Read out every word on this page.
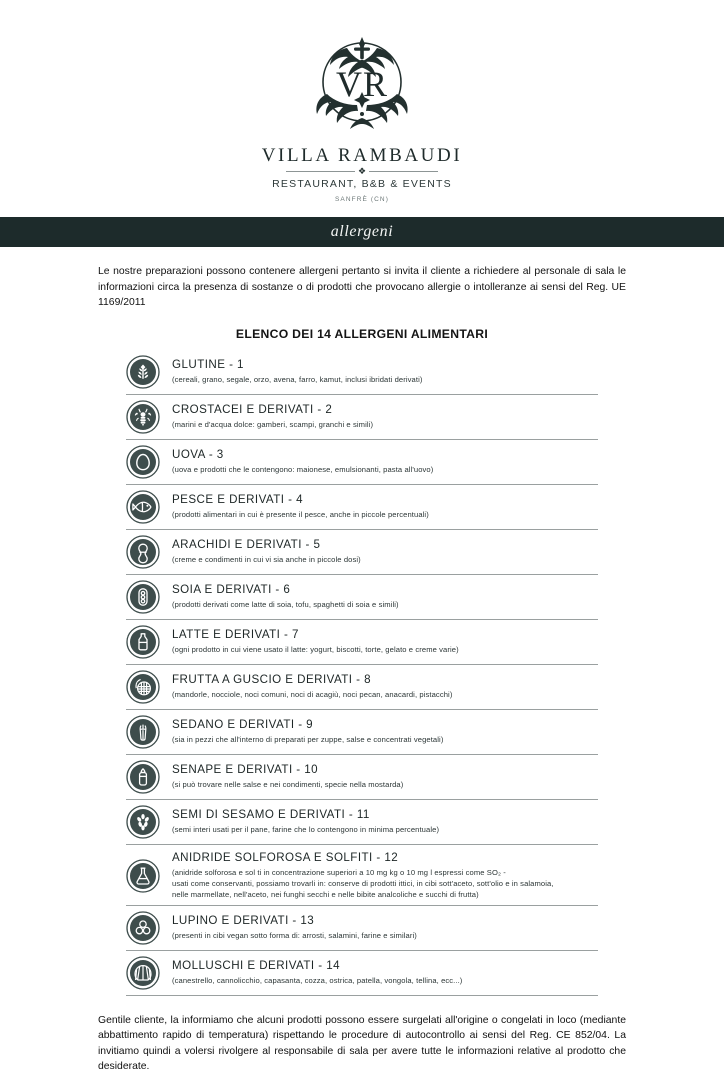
VR
VILLA RAMBAUDI
❖
RESTAURANT, B&B & EVENTS
SANFRÈ (CN)
allergeni

Le nostre preparazioni possono contenere allergeni pertanto si invita il cliente a richiedere al personale di sala le informazioni circa la presenza di sostanze o di prodotti che provocano allergie o intolleranze ai sensi del Reg. UE 1169/2011

ELENCO DEI 14 ALLERGENI ALIMENTARI
GLUTINE - 1
(cereali, grano, segale, orzo, avena, farro, kamut, inclusi ibridati derivati)
CROSTACEI E DERIVATI - 2
(marini e d'acqua dolce: gamberi, scampi, granchi e simili)
UOVA - 3
(uova e prodotti che le contengono: maionese, emulsionanti, pasta all'uovo)
PESCE E DERIVATI - 4
(prodotti alimentari in cui è presente il pesce, anche in piccole percentuali)
ARACHIDI E DERIVATI - 5
(creme e condimenti in cui vi sia anche in piccole dosi)
SOIA E DERIVATI - 6
(prodotti derivati come latte di soia, tofu, spaghetti di soia e simili)
LATTE E DERIVATI - 7
(ogni prodotto in cui viene usato il latte: yogurt, biscotti, torte, gelato e creme varie)
FRUTTA A GUSCIO E DERIVATI - 8
(mandorle, nocciole, noci comuni, noci di acagiù, noci pecan, anacardi, pistacchi)
SEDANO E DERIVATI - 9
(sia in pezzi che all'interno di preparati per zuppe, salse e concentrati vegetali)
SENAPE E DERIVATI - 10
(si può trovare nelle salse e nei condimenti, specie nella mostarda)
SEMI DI SESAMO E DERIVATI - 11
(semi interi usati per il pane, farine che lo contengono in minima percentuale)
ANIDRIDE SOLFOROSA E SOLFITI - 12
(anidride solforosa e sol ti in concentrazione superiori a 10 mg kg o 10 mg l espressi come SO₂ -
usati come conservanti, possiamo trovarli in: conserve di prodotti ittici, in cibi sott'aceto, sott'olio e in salamoia,
nelle marmellate, nell'aceto, nei funghi secchi e nelle bibite analcoliche e succhi di frutta)
LUPINO E DERIVATI - 13
(presenti in cibi vegan sotto forma di: arrosti, salamini, farine e similari)
MOLLUSCHI E DERIVATI - 14
(canestrello, cannolicchio, capasanta, cozza, ostrica, patella, vongola, tellina, ecc...)

Gentile cliente, la informiamo che alcuni prodotti possono essere surgelati all'origine o congelati in loco (mediante abbattimento rapido di temperatura) rispettando le procedure di autocontrollo ai sensi del Reg. CE 852/04. La invitiamo quindi a volersi rivolgere al responsabile di sala per avere tutte le informazioni relative al prodotto che desiderate.
